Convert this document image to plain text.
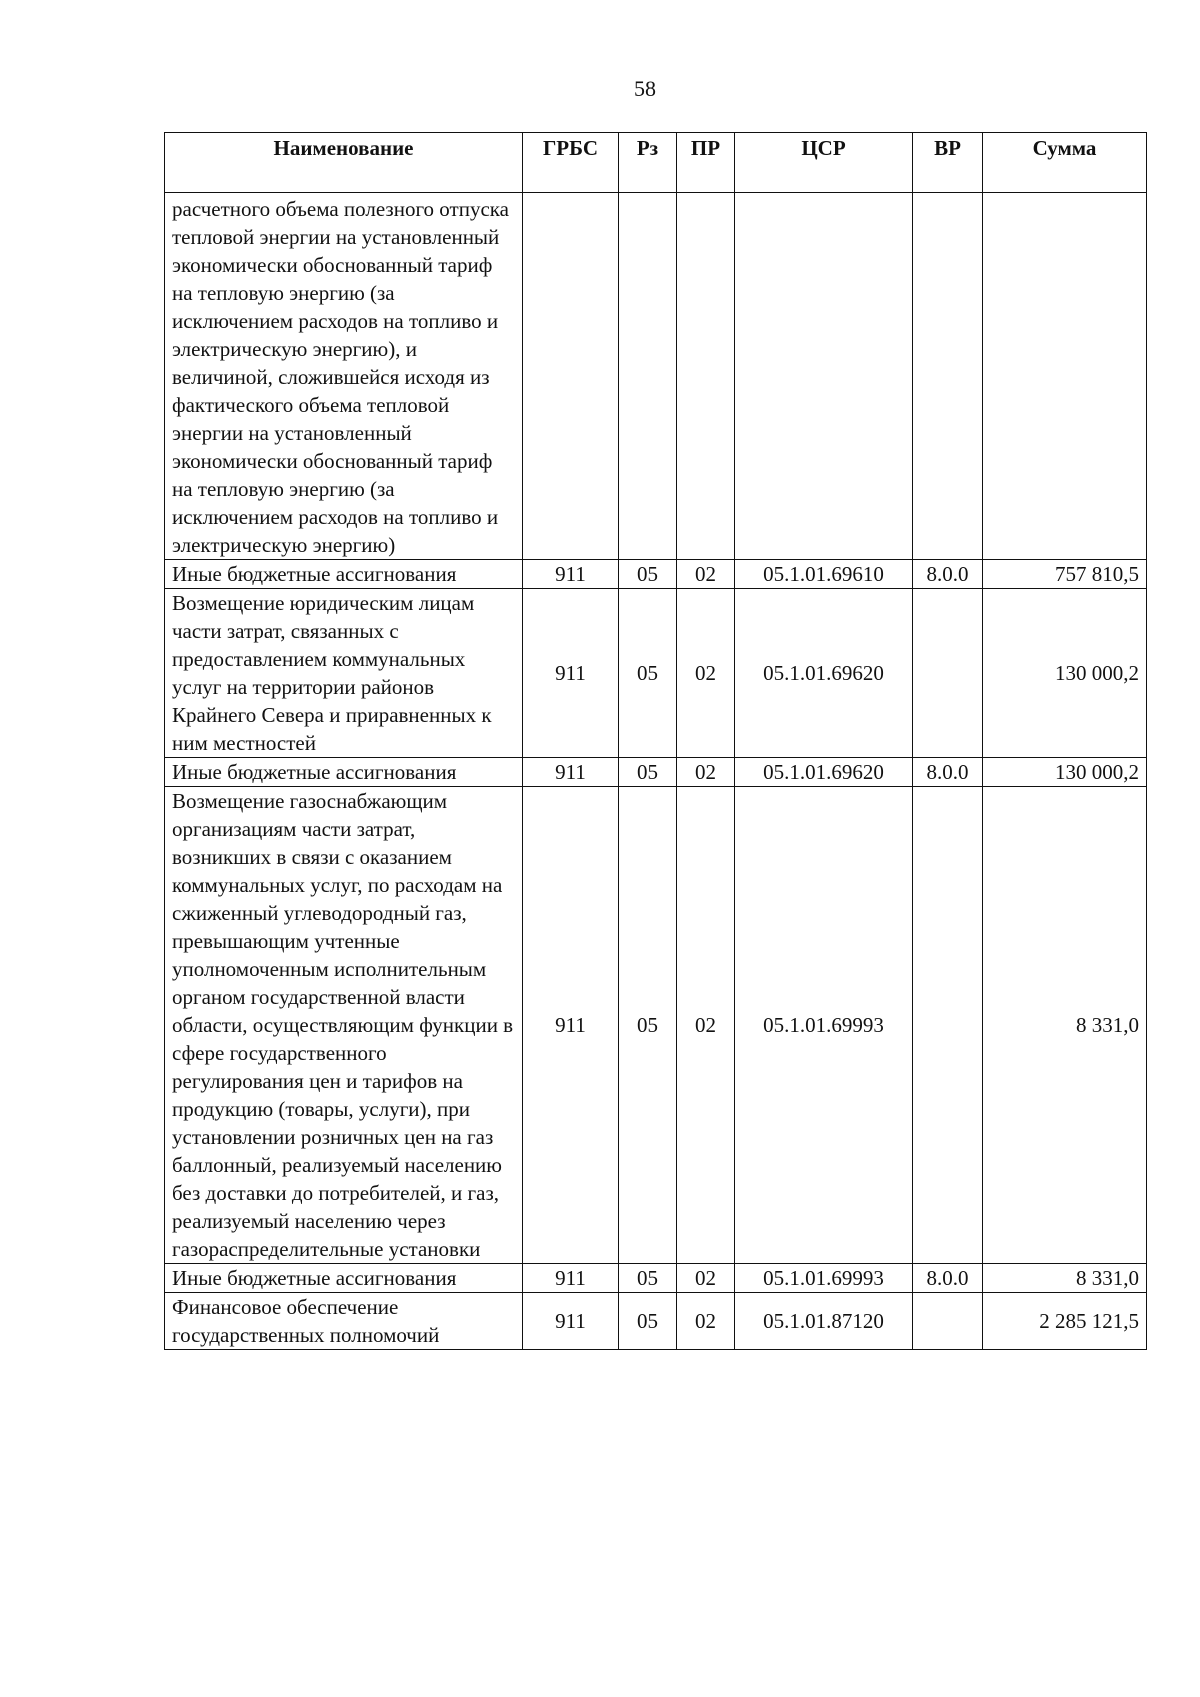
58
Наименование	ГРБС	Рз	ПР	ЦСР	ВР	Сумма
расчетного объема полезного отпуска тепловой энергии на установленный экономически обоснованный тариф на тепловую энергию (за исключением расходов на топливо и электрическую энергию), и величиной, сложившейся исходя из фактического объема тепловой энергии на установленный экономически обоснованный тариф на тепловую энергию (за исключением расходов на топливо и электрическую энергию)						
Иные бюджетные ассигнования	911	05	02	05.1.01.69610	8.0.0	757 810,5
Возмещение юридическим лицам части затрат, связанных с предоставлением коммунальных услуг на территории районов Крайнего Севера и приравненных к ним местностей	911	05	02	05.1.01.69620		130 000,2
Иные бюджетные ассигнования	911	05	02	05.1.01.69620	8.0.0	130 000,2
Возмещение газоснабжающим организациям части затрат, возникших в связи с оказанием коммунальных услуг, по расходам на сжиженный углеводородный газ, превышающим учтенные уполномоченным исполнительным органом государственной власти области, осуществляющим функции в сфере государственного регулирования цен и тарифов на продукцию (товары, услуги), при установлении розничных цен на газ баллонный, реализуемый населению без доставки до потребителей, и газ, реализуемый населению через газораспределительные установки	911	05	02	05.1.01.69993		8 331,0
Иные бюджетные ассигнования	911	05	02	05.1.01.69993	8.0.0	8 331,0
Финансовое обеспечение государственных полномочий	911	05	02	05.1.01.87120		2 285 121,5
